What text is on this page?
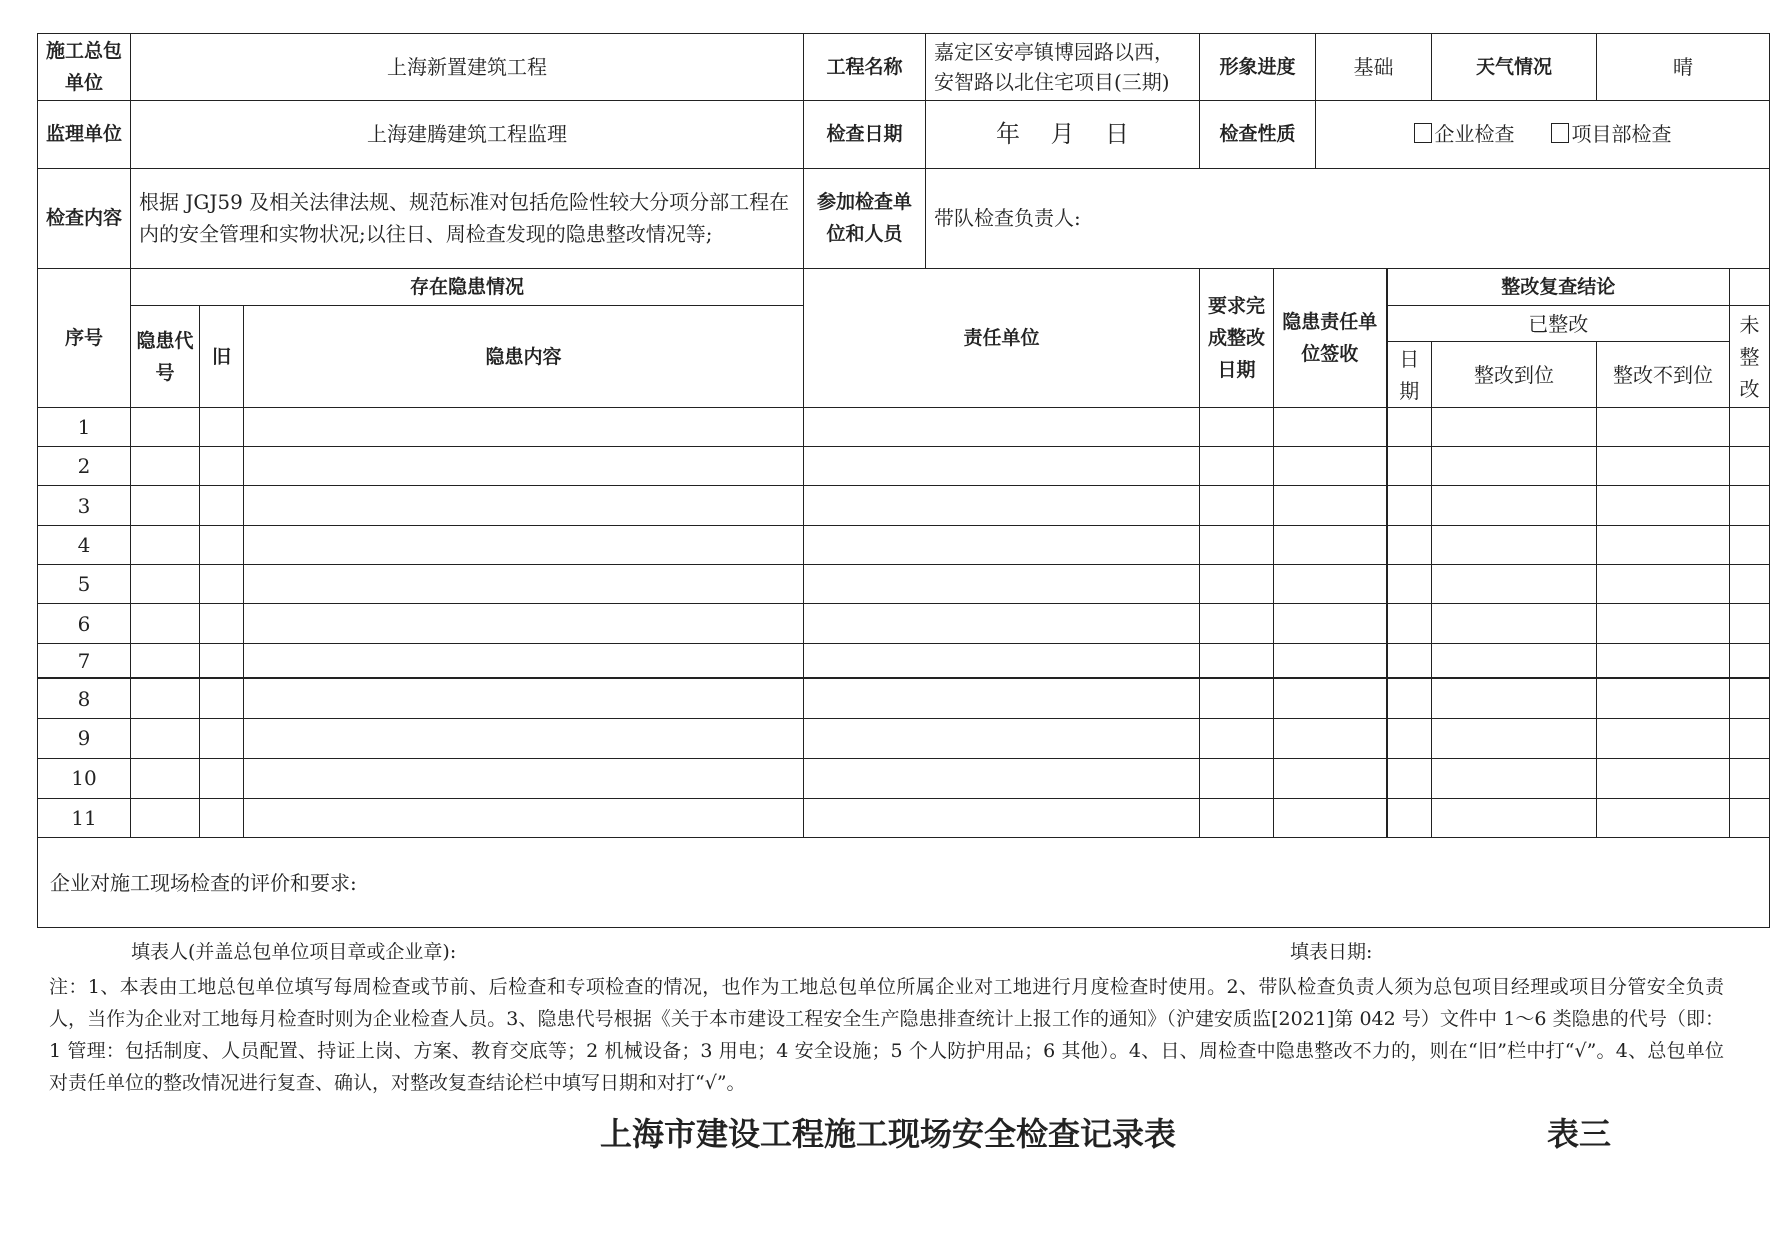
施工总包单位	上海新置建筑工程			工程名称	嘉定区安亭镇博园路以西，安智路以北住宅项目(三期)	形象进度		基础		天气情况	晴	
监理单位	上海建腾建筑工程监理			检查日期	年    月    日	检查性质		企业检查 项目部检查				
检查内容	根据 JGJ59 及相关法律法规、规范标准对包括危险性较大分项分部工程在内的安全管理和实物状况;以往日、周检查发现的隐患整改情况等;			参加检查单位和人员	带队检查负责人:							
序号	存在隐患情况			责任单位		要求完成整改日期	隐患责任单位签收		整改复查结论			
	隐患代号	旧	隐患内容						已整改			未整改
									日期	整改到位	整改不到位	
1												
2												
3												
4												
5												
6												
7												
8												
9												
10												
11												
企业对施工现场检查的评价和要求:												
填表人(并盖总包单位项目章或企业章):	填表日期:

注：1、本表由工地总包单位填写每周检查或节前、后检查和专项检查的情况，也作为工地总包单位所属企业对工地进行月度检查时使用。2、带队检查负责人须为总包项目经理或项目分管安全负责人，当作为企业对工地每月检查时则为企业检查人员。3、隐患代号根据《关于本市建设工程安全生产隐患排查统计上报工作的通知》（沪建安质监[2021]第 042 号）文件中 1～6 类隐患的代号（即：1 管理：包括制度、人员配置、持证上岗、方案、教育交底等；2 机械设备；3 用电；4 安全设施；5 个人防护用品；6 其他）。4、日、周检查中隐患整改不力的，则在“旧”栏中打“√”。4、总包单位对责任单位的整改情况进行复查、确认，对整改复查结论栏中填写日期和对打“√”。

上海市建设工程施工现场安全检查记录表	表三
